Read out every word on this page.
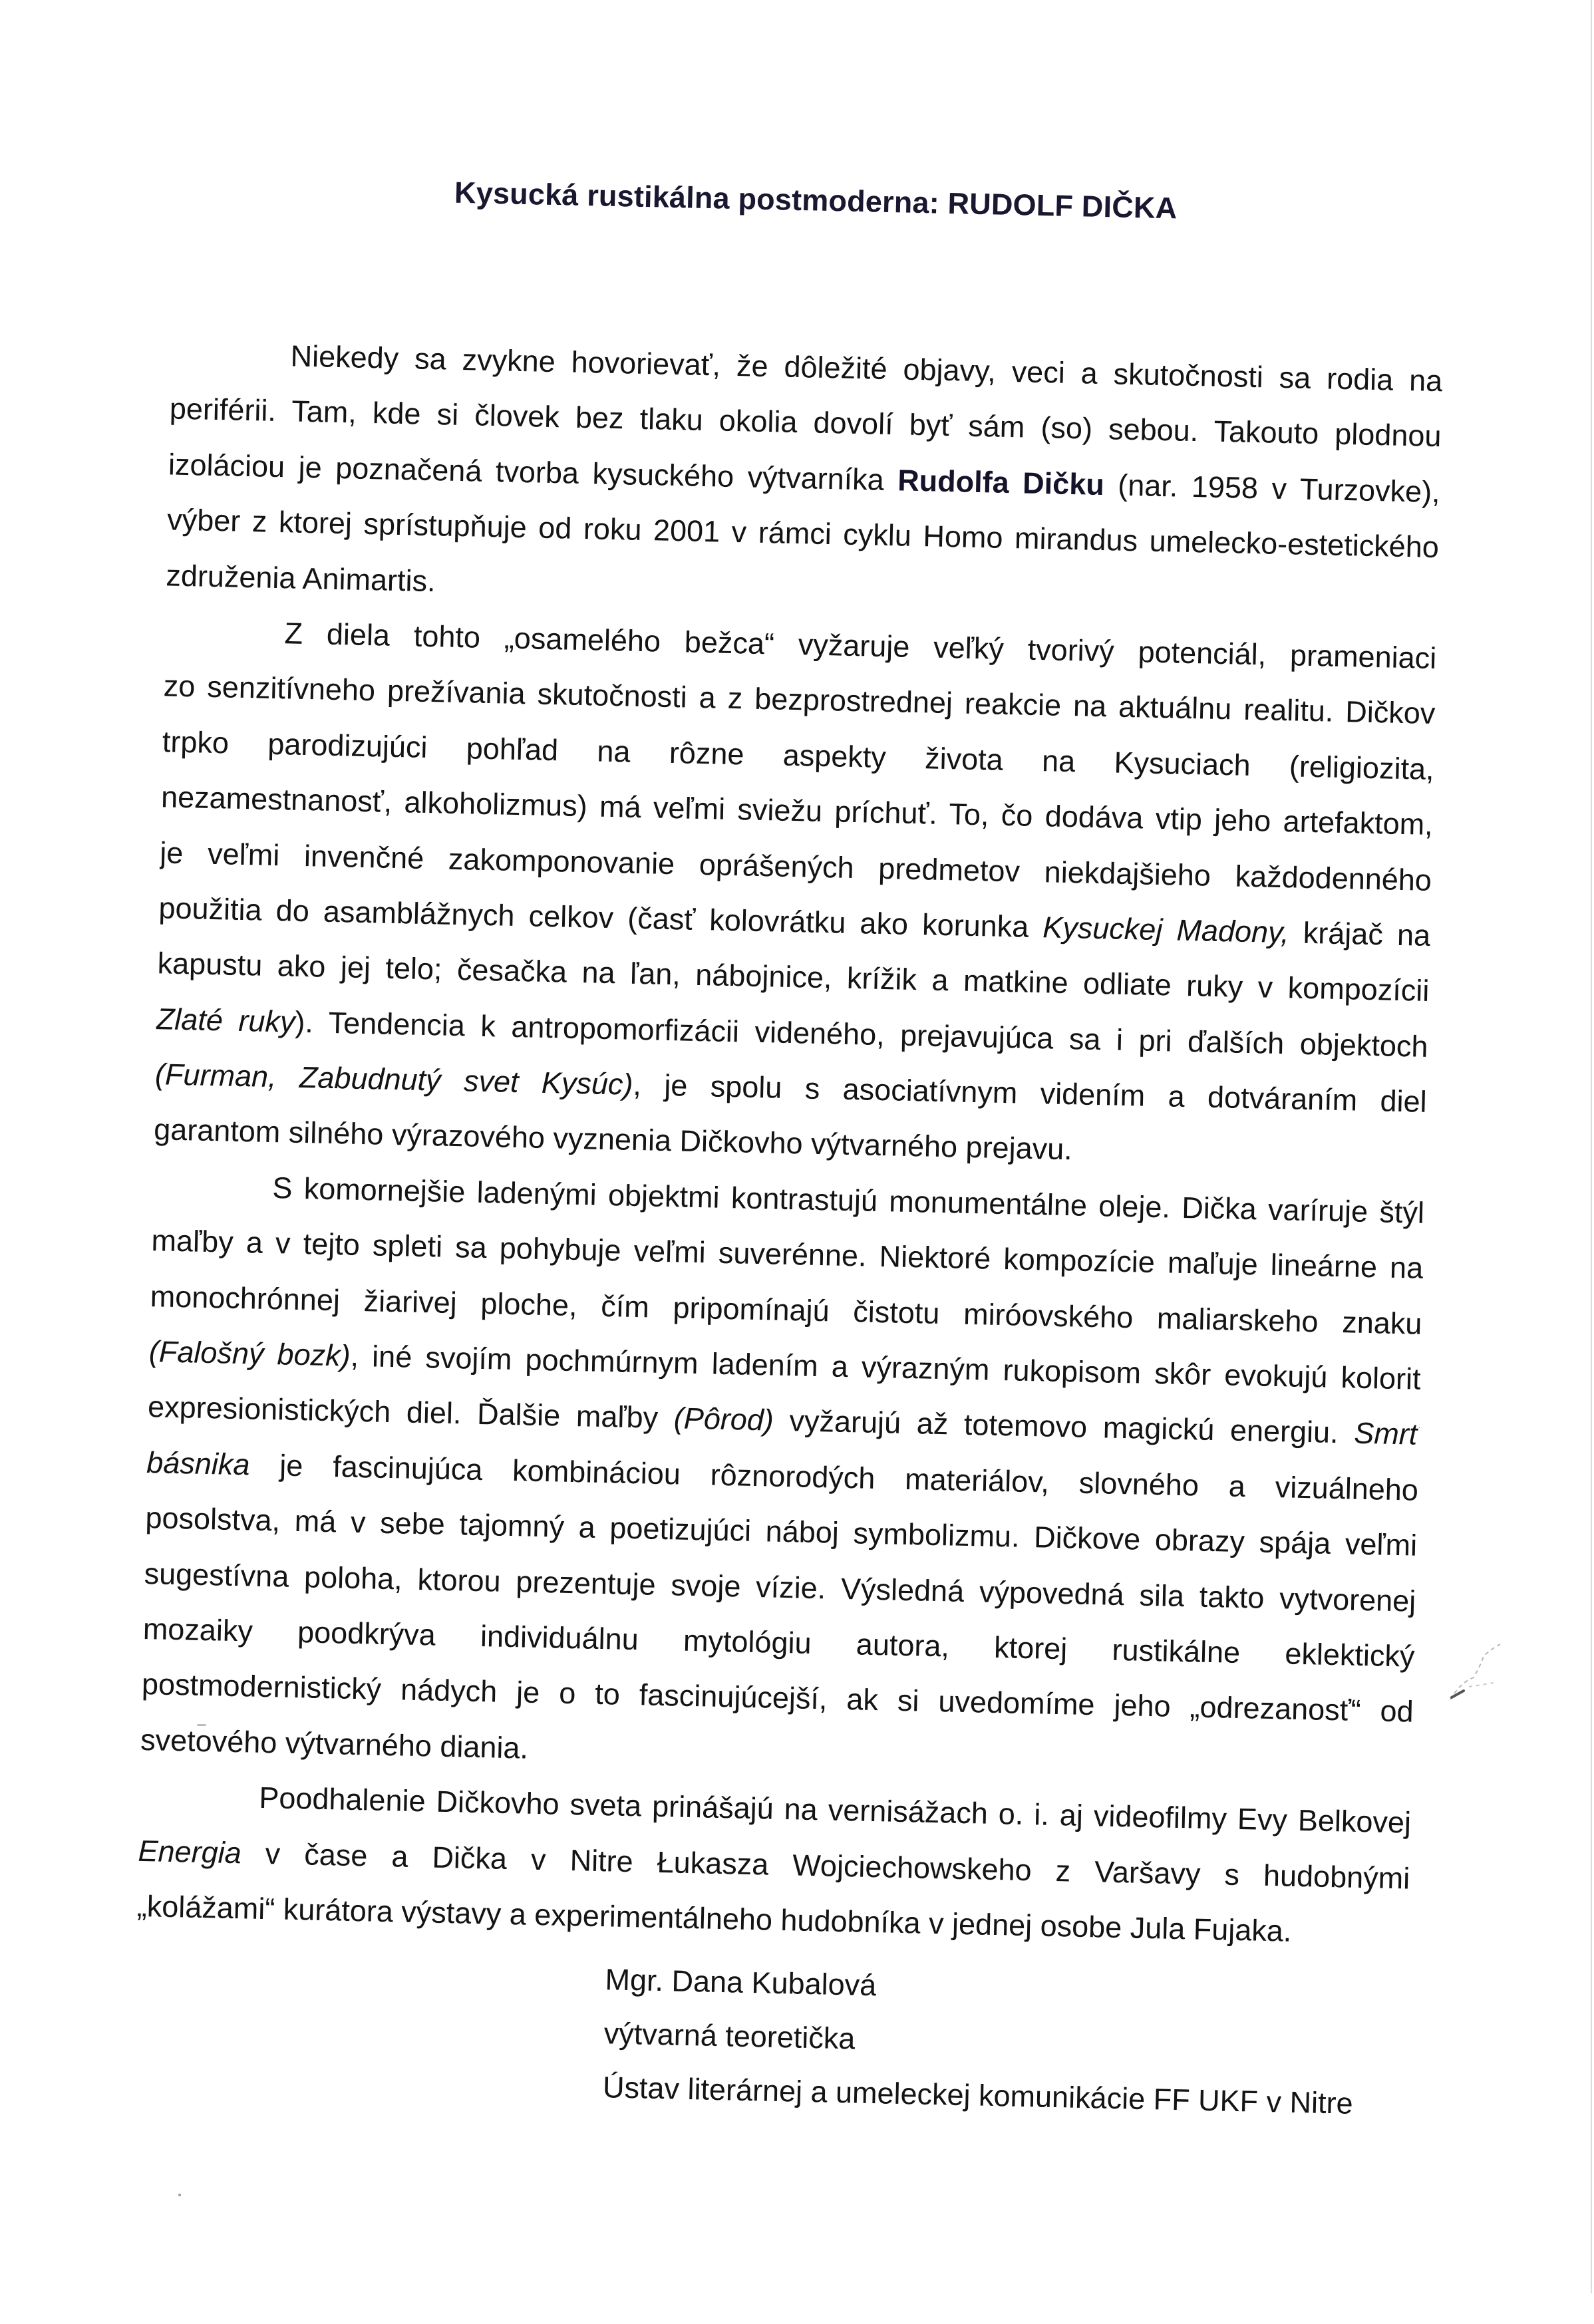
Kysucká rustikálna postmoderna: RUDOLF DIČKA
Niekedy sa zvykne hovorievať, že dôležité objavy, veci a skutočnosti sa rodia na
periférii. Tam, kde si človek bez tlaku okolia dovolí byť sám (so) sebou. Takouto plodnou
izoláciou je poznačená tvorba kysuckého výtvarníka Rudolfa Dičku (nar. 1958 v Turzovke),
výber z ktorej sprístupňuje od roku 2001 v rámci cyklu Homo mirandus umelecko-estetického
združenia Animartis.
Z diela tohto „osamelého bežca“ vyžaruje veľký tvorivý potenciál, prameniaci
zo senzitívneho prežívania skutočnosti a z bezprostrednej reakcie na aktuálnu realitu. Dičkov
trpko parodizujúci pohľad na rôzne aspekty života na Kysuciach (religiozita,
nezamestnanosť, alkoholizmus) má veľmi sviežu príchuť. To, čo dodáva vtip jeho artefaktom,
je veľmi invenčné zakomponovanie oprášených predmetov niekdajšieho každodenného
použitia do asamblážnych celkov (časť kolovrátku ako korunka Kysuckej Madony, krájač na
kapustu ako jej telo; česačka na ľan, nábojnice, krížik a matkine odliate ruky v kompozícii
Zlaté ruky). Tendencia k antropomorfizácii videného, prejavujúca sa i pri ďalších objektoch
(Furman, Zabudnutý svet Kysúc), je spolu s asociatívnym videním a dotváraním diel
garantom silného výrazového vyznenia Dičkovho výtvarného prejavu.
S komornejšie ladenými objektmi kontrastujú monumentálne oleje. Dička varíruje štýl
maľby a v tejto spleti sa pohybuje veľmi suverénne. Niektoré kompozície maľuje lineárne na
monochrónnej žiarivej ploche, čím pripomínajú čistotu miróovského maliarskeho znaku
(Falošný bozk), iné svojím pochmúrnym ladením a výrazným rukopisom skôr evokujú kolorit
expresionistických diel. Ďalšie maľby (Pôrod) vyžarujú až totemovo magickú energiu. Smrť
básnika je fascinujúca kombináciou rôznorodých materiálov, slovného a vizuálneho
posolstva, má v sebe tajomný a poetizujúci náboj symbolizmu. Dičkove obrazy spája veľmi
sugestívna poloha, ktorou prezentuje svoje vízie. Výsledná výpovedná sila takto vytvorenej
mozaiky poodkrýva individuálnu mytológiu autora, ktorej rustikálne eklektický
postmodernistický nádych je o to fascinujúcejší, ak si uvedomíme jeho „odrezanosť“ od
svetového výtvarného diania.
Poodhalenie Dičkovho sveta prinášajú na vernisážach o. i. aj videofilmy Evy Belkovej
Energia v čase a Dička v Nitre Łukasza Wojciechowskeho z Varšavy s hudobnými
„kolážami“ kurátora výstavy a experimentálneho hudobníka v jednej osobe Jula Fujaka.
Mgr. Dana Kubalová
výtvarná teoretička
Ústav literárnej a umeleckej komunikácie FF UKF v Nitre
